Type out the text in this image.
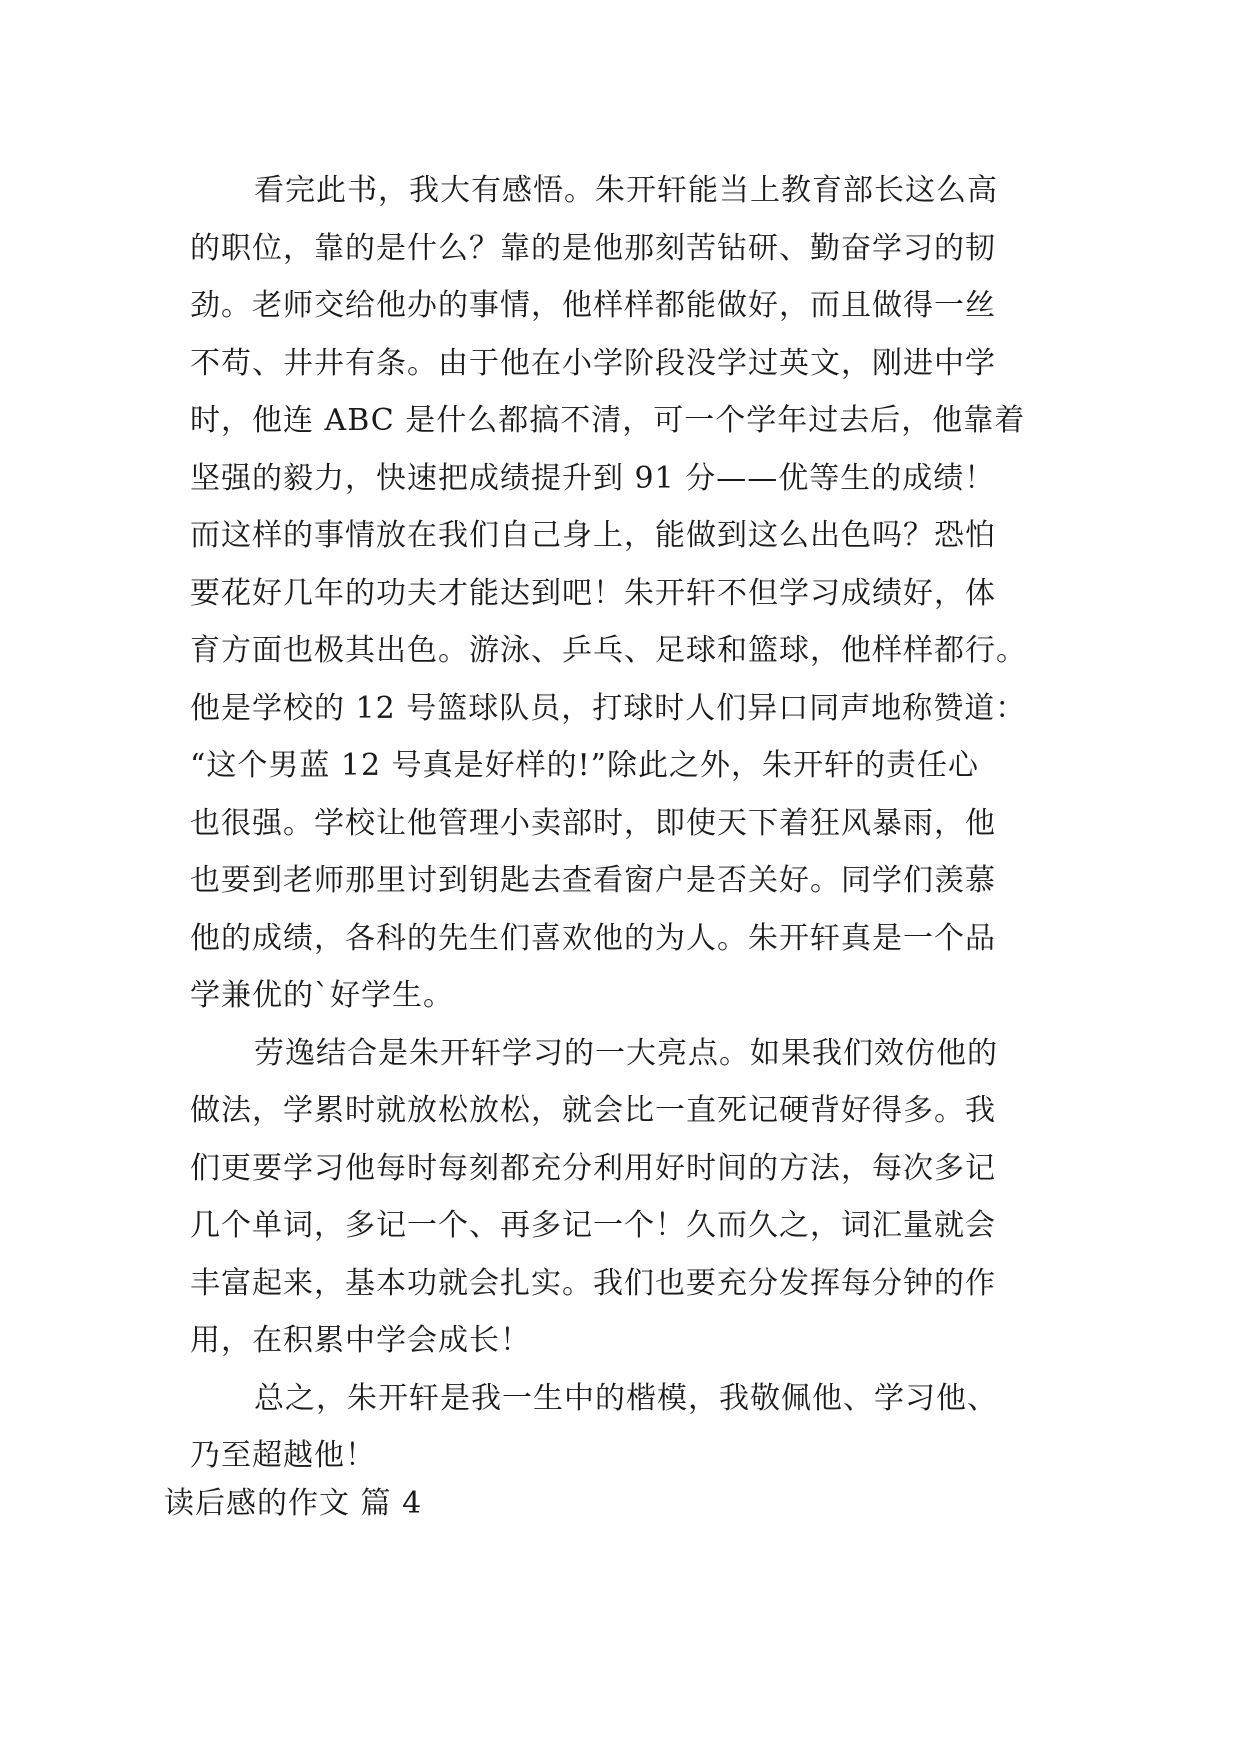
看完此书，我大有感悟。朱开轩能当上教育部长这么高
的职位，靠的是什么？靠的是他那刻苦钻研、勤奋学习的韧
劲。老师交给他办的事情，他样样都能做好，而且做得一丝
不苟、井井有条。由于他在小学阶段没学过英文，刚进中学
时，他连 ABC 是什么都搞不清，可一个学年过去后，他靠着
坚强的毅力，快速把成绩提升到 91 分——优等生的成绩！
而这样的事情放在我们自己身上，能做到这么出色吗？恐怕
要花好几年的功夫才能达到吧！朱开轩不但学习成绩好，体
育方面也极其出色。游泳、乒乓、足球和篮球，他样样都行。
他是学校的 12 号篮球队员，打球时人们异口同声地称赞道：
“这个男蓝 12 号真是好样的!”除此之外，朱开轩的责任心
也很强。学校让他管理小卖部时，即使天下着狂风暴雨，他
也要到老师那里讨到钥匙去查看窗户是否关好。同学们羡慕
他的成绩，各科的先生们喜欢他的为人。朱开轩真是一个品
学兼优的`好学生。
劳逸结合是朱开轩学习的一大亮点。如果我们效仿他的
做法，学累时就放松放松，就会比一直死记硬背好得多。我
们更要学习他每时每刻都充分利用好时间的方法，每次多记
几个单词，多记一个、再多记一个！久而久之，词汇量就会
丰富起来，基本功就会扎实。我们也要充分发挥每分钟的作
用，在积累中学会成长！
总之，朱开轩是我一生中的楷模，我敬佩他、学习他、
乃至超越他！
读后感的作文 篇 4
